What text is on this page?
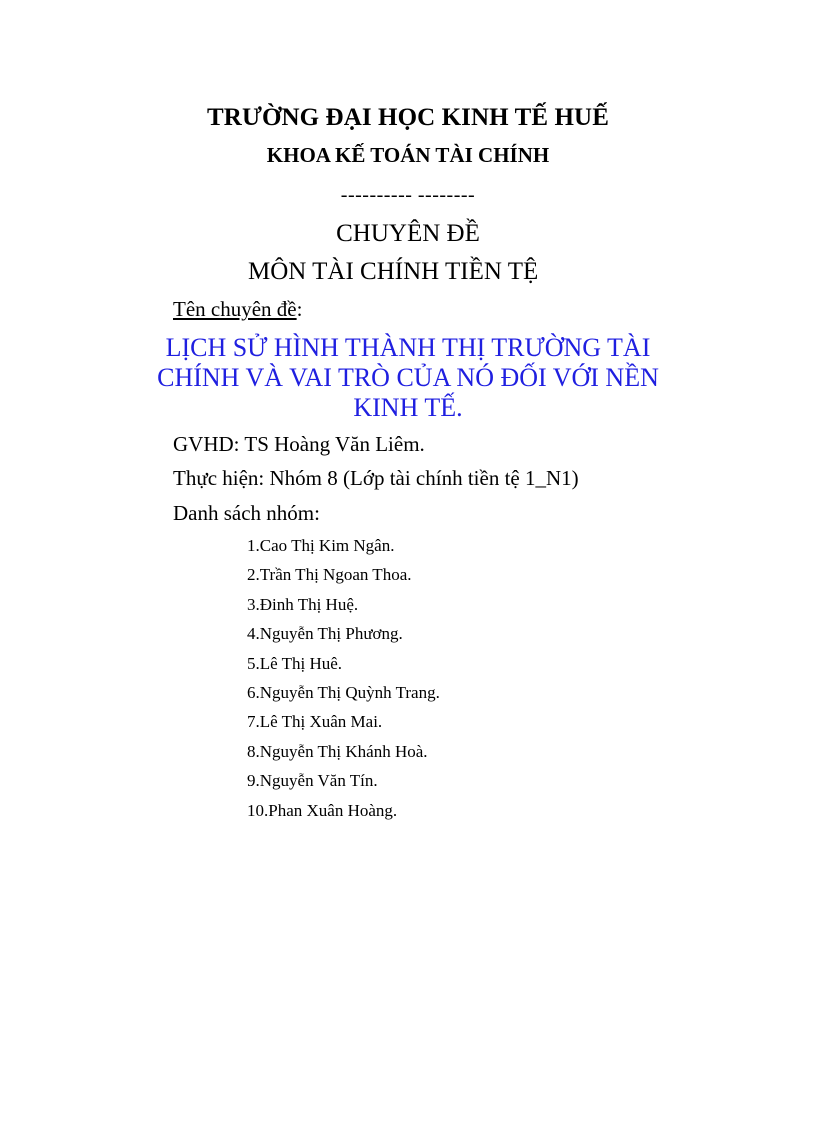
TRƯỜNG ĐẠI HỌC KINH TẾ HUẾ
KHOA KẾ TOÁN TÀI CHÍNH
---------- --------
CHUYÊN ĐỀ
MÔN TÀI CHÍNH TIỀN TỆ
Tên chuyên đề:
LỊCH SỬ HÌNH THÀNH THỊ TRƯỜNG TÀI CHÍNH VÀ VAI TRÒ CỦA NÓ ĐỐI VỚI NỀN KINH TẾ.
GVHD: TS Hoàng Văn Liêm.
Thực hiện: Nhóm 8 (Lớp tài chính tiền tệ 1_N1)
Danh sách nhóm:
1.Cao Thị Kim Ngân.
2.Trần Thị Ngoan Thoa.
3.Đinh Thị Huệ.
4.Nguyễn Thị Phương.
5.Lê Thị Huê.
6.Nguyễn Thị Quỳnh Trang.
7.Lê Thị Xuân Mai.
8.Nguyễn Thị Khánh Hoà.
9.Nguyễn Văn Tín.
10.Phan Xuân Hoàng.
